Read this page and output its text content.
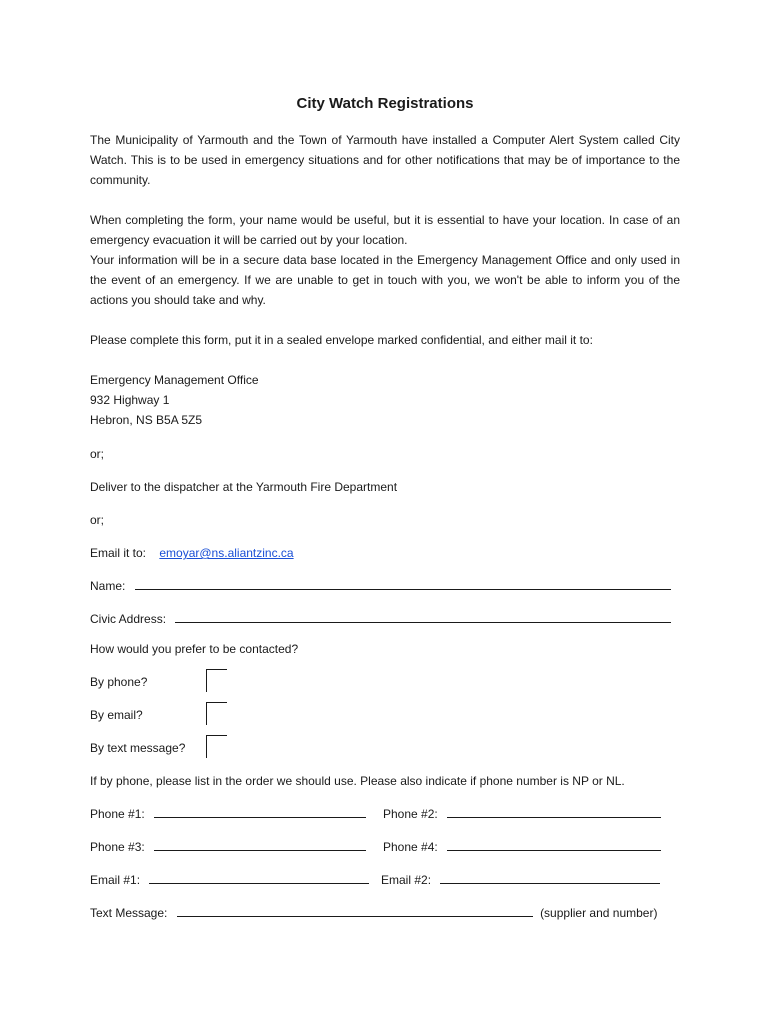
City Watch Registrations
The Municipality of Yarmouth and the Town of Yarmouth have installed a Computer Alert System called City Watch. This is to be used in emergency situations and for other notifications that may be of importance to the community.
When completing the form, your name would be useful, but it is essential to have your location. In case of an emergency evacuation it will be carried out by your location.
Your information will be in a secure data base located in the Emergency Management Office and only used in the event of an emergency. If we are unable to get in touch with you, we won't be able to inform you of the actions you should take and why.
Please complete this form, put it in a sealed envelope marked confidential, and either mail it to:
Emergency Management Office
932 Highway 1
Hebron, NS B5A 5Z5
or;
Deliver to the dispatcher at the Yarmouth Fire Department
or;
Email it to: emoyar@ns.aliantzinc.ca
Name:
Civic Address:
How would you prefer to be contacted?
By phone?
By email?
By text message?
If by phone, please list in the order we should use. Please also indicate if phone number is NP or NL.
Phone #1:	Phone #2:
Phone #3:	Phone #4:
Email #1:	Email #2:
Text Message:	(supplier and number)
